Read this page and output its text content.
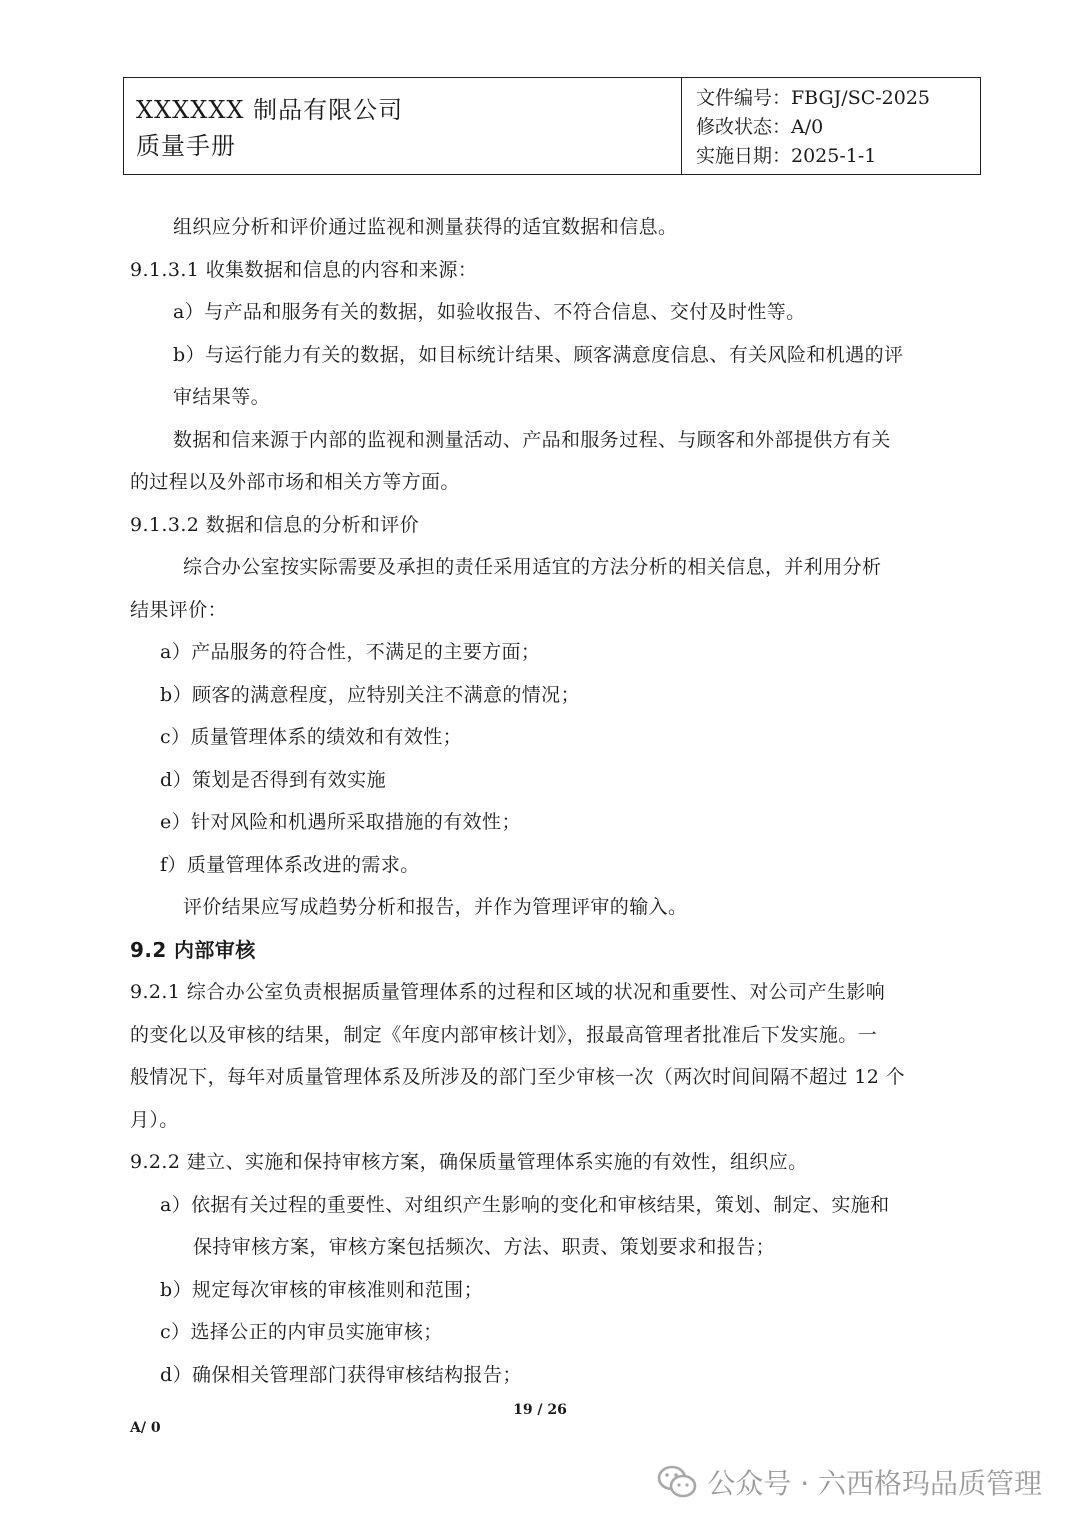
XXXXXX 制品有限公司
质量手册
文件编号：FBGJ/SC-2025
修改状态：A/0
实施日期：2025-1-1
组织应分析和评价通过监视和测量获得的适宜数据和信息。
9.1.3.1 收集数据和信息的内容和来源：
a）与产品和服务有关的数据，如验收报告、不符合信息、交付及时性等。
b）与运行能力有关的数据，如目标统计结果、顾客满意度信息、有关风险和机遇的评
审结果等。
数据和信来源于内部的监视和测量活动、产品和服务过程、与顾客和外部提供方有关
的过程以及外部市场和相关方等方面。
9.1.3.2 数据和信息的分析和评价
综合办公室按实际需要及承担的责任采用适宜的方法分析的相关信息，并利用分析
结果评价：
a）产品服务的符合性，不满足的主要方面；
b）顾客的满意程度，应特别关注不满意的情况；
c）质量管理体系的绩效和有效性；
d）策划是否得到有效实施
e）针对风险和机遇所采取措施的有效性；
f）质量管理体系改进的需求。
评价结果应写成趋势分析和报告，并作为管理评审的输入。
9.2 内部审核
9.2.1 综合办公室负责根据质量管理体系的过程和区域的状况和重要性、对公司产生影响
的变化以及审核的结果，制定《年度内部审核计划》，报最高管理者批准后下发实施。一
般情况下，每年对质量管理体系及所涉及的部门至少审核一次（两次时间间隔不超过 12 个
月）。
9.2.2 建立、实施和保持审核方案，确保质量管理体系实施的有效性，组织应。
a）依据有关过程的重要性、对组织产生影响的变化和审核结果，策划、制定、实施和
保持审核方案，审核方案包括频次、方法、职责、策划要求和报告；
b）规定每次审核的审核准则和范围；
c）选择公正的内审员实施审核；
d）确保相关管理部门获得审核结构报告；
19 / 26
A/ 0
公众号 · 六西格玛品质管理
